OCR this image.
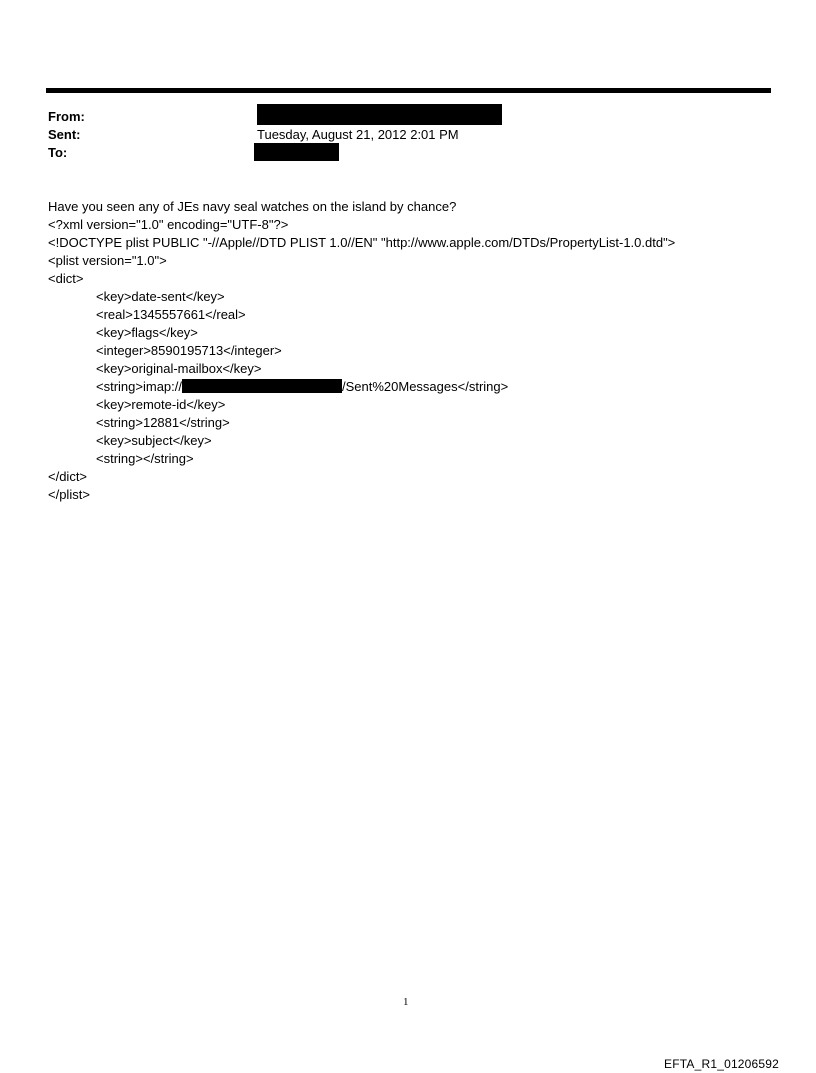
From:
Sent:	Tuesday, August 21, 2012 2:01 PM
To:
Have you seen any of JEs navy seal watches on the island by chance?
<?xml version="1.0" encoding="UTF-8"?>
<!DOCTYPE plist PUBLIC "-//Apple//DTD PLIST 1.0//EN" "http://www.apple.com/DTDs/PropertyList-1.0.dtd">
<plist version="1.0">
<dict>
<key>date-sent</key>
<real>1345557661</real>
<key>flags</key>
<integer>8590195713</integer>
<key>original-mailbox</key>
<string>imap://	/Sent%20Messages</string>
<key>remote-id</key>
<string>12881</string>
<key>subject</key>
<string></string>
</dict>
</plist>
1
EFTA_R1_01206592
